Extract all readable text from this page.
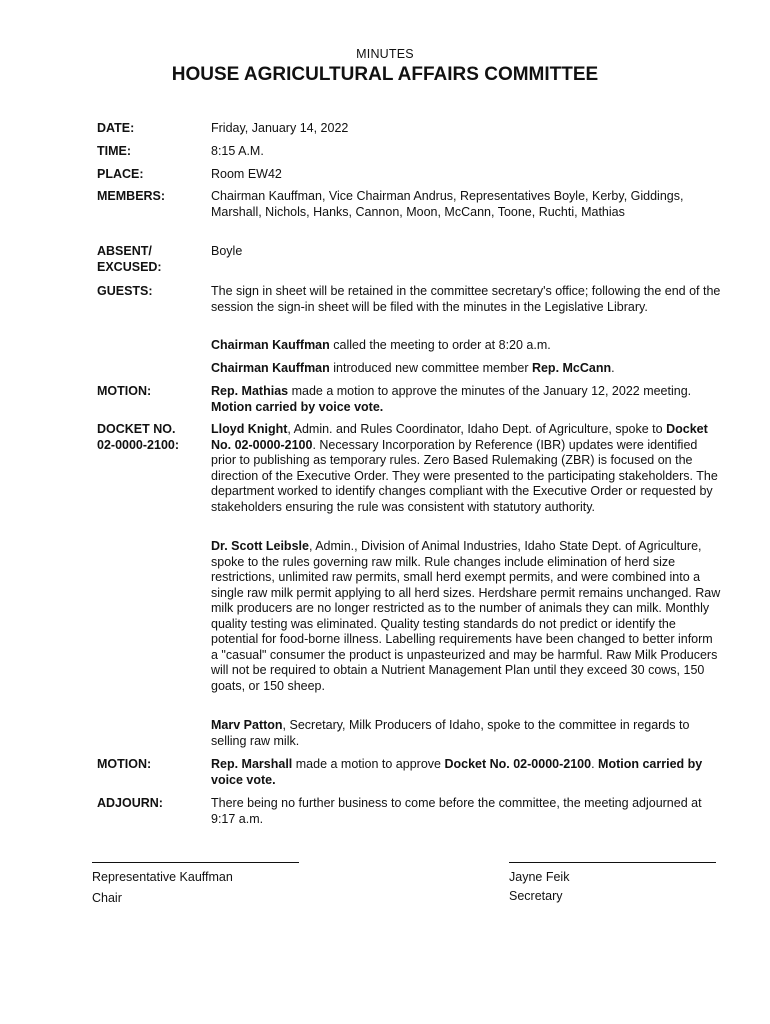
MINUTES
HOUSE AGRICULTURAL AFFAIRS COMMITTEE
DATE:	Friday, January 14, 2022
TIME:	8:15 A.M.
PLACE:	Room EW42
MEMBERS:	Chairman Kauffman, Vice Chairman Andrus, Representatives Boyle, Kerby, Giddings, Marshall, Nichols, Hanks, Cannon, Moon, McCann, Toone, Ruchti, Mathias
ABSENT/
EXCUSED:
Boyle
GUESTS:	The sign in sheet will be retained in the committee secretary's office; following the end of the session the sign-in sheet will be filed with the minutes in the Legislative Library.
Chairman Kauffman called the meeting to order at 8:20 a.m.
Chairman Kauffman introduced new committee member Rep. McCann.
MOTION:	Rep. Mathias made a motion to approve the minutes of the January 12, 2022 meeting. Motion carried by voice vote.
DOCKET NO.
02-0000-2100:
Lloyd Knight, Admin. and Rules Coordinator, Idaho Dept. of Agriculture, spoke to Docket No. 02-0000-2100. Necessary Incorporation by Reference (IBR) updates were identified prior to publishing as temporary rules. Zero Based Rulemaking (ZBR) is focused on the direction of the Executive Order. They were presented to the participating stakeholders. The department worked to identify changes compliant with the Executive Order or requested by stakeholders ensuring the rule was consistent with statutory authority.
Dr. Scott Leibsle, Admin., Division of Animal Industries, Idaho State Dept. of Agriculture, spoke to the rules governing raw milk. Rule changes include elimination of herd size restrictions, unlimited raw permits, small herd exempt permits, and were combined into a single raw milk permit applying to all herd sizes. Herdshare permit remains unchanged. Raw milk producers are no longer restricted as to the number of animals they can milk. Monthly quality testing was eliminated. Quality testing standards do not predict or identify the potential for food-borne illness. Labelling requirements have been changed to better inform a "casual" consumer the product is unpasteurized and may be harmful. Raw Milk Producers will not be required to obtain a Nutrient Management Plan until they exceed 30 cows, 150 goats, or 150 sheep.
Marv Patton, Secretary, Milk Producers of Idaho, spoke to the committee in regards to selling raw milk.
MOTION:	Rep. Marshall made a motion to approve Docket No. 02-0000-2100. Motion carried by voice vote.
ADJOURN:	There being no further business to come before the committee, the meeting adjourned at 9:17 a.m.
Representative Kauffman
Chair
Jayne Feik
Secretary
